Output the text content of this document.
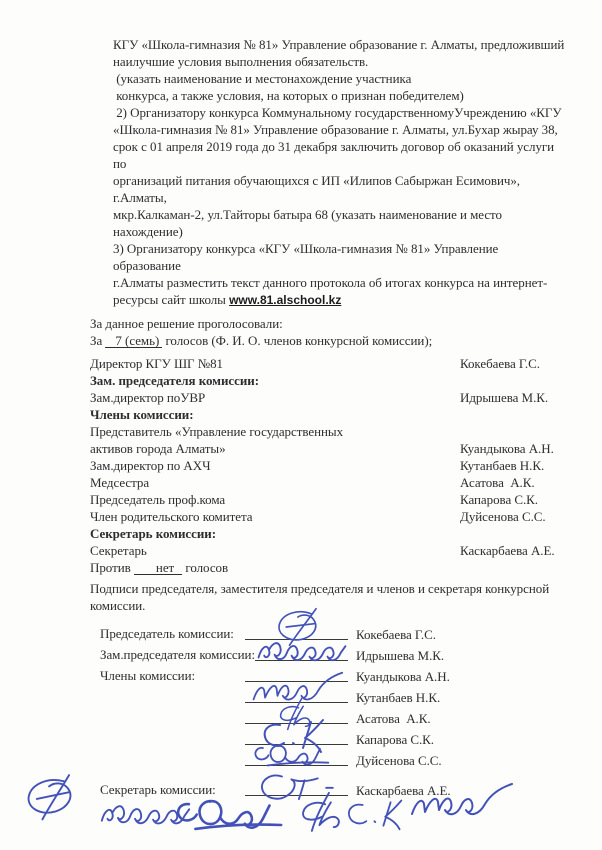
КГУ «Школа-гимназия № 81» Управление образование г. Алматы, предложивший
наилучшие условия выполнения обязательств.
(указать наименование и местонахождение участника
конкурса, а также условия, на которых о признан победителем)
2) Организатору конкурса Коммунальному государственномуУчреждению «КГУ
«Школа-гимназия № 81» Управление образование г. Алматы, ул.Бухар жырау 38,
срок с 01 апреля 2019 года до 31 декабря заключить договор об оказаний услуги по
организаций питания обучающихся с ИП «Илипов Сабыржан Есимович», г.Алматы,
мкр.Калкаман-2, ул.Тайторы батыра 68 (указать наименование и место нахождение)
3) Организатору конкурса «КГУ «Школа-гимназия № 81» Управление образование
г.Алматы разместить текст данного протокола об итогах конкурса на интернет-
ресурсы сайт школы www.81.alschool.kz
За данное решение проголосовали:
За 7 (семь) голосов (Ф. И. О. членов конкурсной комиссии);
Директор КГУ ШГ №81	Кокебаева Г.С.
Зам. председателя комиссии:
Зам.директор поУВР	Идрышева М.К.
Члены комиссии:
Представитель «Управление государственных
активов города Алматы»	Куандыкова А.Н.
Зам.директор по АХЧ	Кутанбаев Н.К.
Медсестра	Асатова  А.К.
Председатель проф.кома	Капарова С.К.
Член родительского комитета	Дуйсенова С.С.
Секретарь комиссии:
Секретарь	Каскарбаева А.Е.
Против нет голосов
Подписи председателя, заместителя председателя и членов и секретаря конкурсной комиссии.
Председатель комиссии:	Кокебаева Г.С.
Зам.председателя комиссии:	Идрышева М.К.
Члены комиссии:	Куандыкова А.Н.
Кутанбаев Н.К.
Асатова  А.К.
Капарова С.К.
Дуйсенова С.С.
Секретарь комиссии:	Каскарбаева А.Е.
